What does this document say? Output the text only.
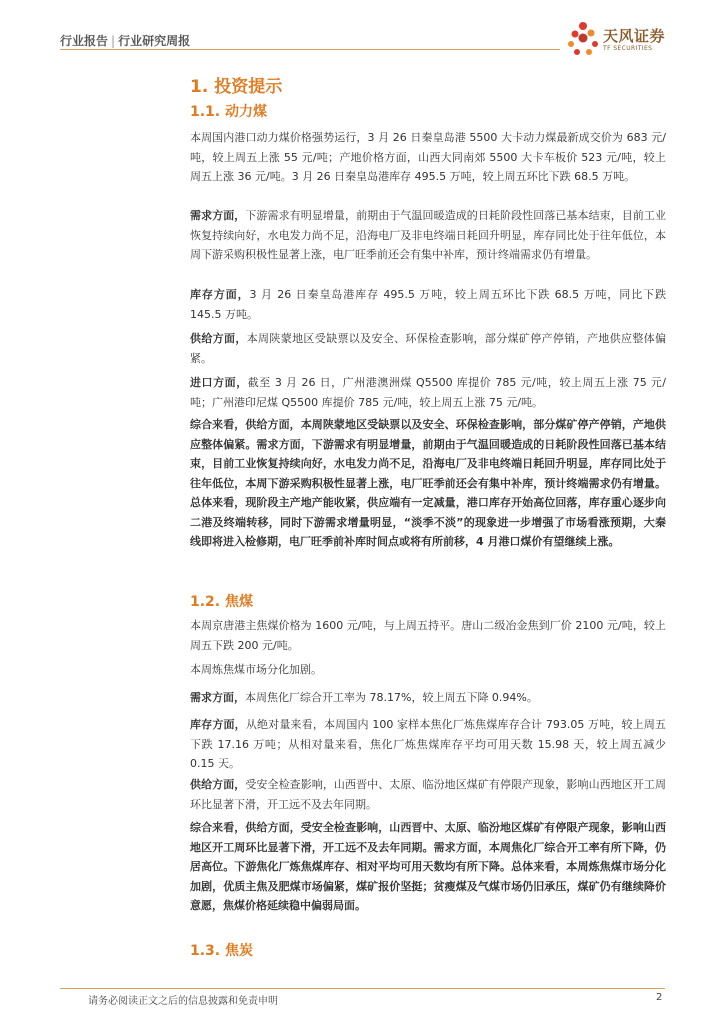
行业报告 | 行业研究周报	天风证券
TF SECURITIES
1. 投资提示
1.1. 动力煤

本周国内港口动力煤价格强势运行，3 月 26 日秦皇岛港 5500 大卡动力煤最新成交价为 683 元/吨，较上周五上涨 55 元/吨；产地价格方面，山西大同南郊 5500 大卡车板价 523 元/吨，较上周五上涨 36 元/吨。3 月 26 日秦皇岛港库存 495.5 万吨，较上周五环比下跌 68.5 万吨。

需求方面，下游需求有明显增量，前期由于气温回暖造成的日耗阶段性回落已基本结束，目前工业恢复持续向好，水电发力尚不足，沿海电厂及非电终端日耗回升明显，库存同比处于往年低位，本周下游采购积极性显著上涨，电厂旺季前还会有集中补库，预计终端需求仍有增量。

库存方面，3 月 26 日秦皇岛港库存 495.5 万吨，较上周五环比下跌 68.5 万吨，同比下跌 145.5 万吨。

供给方面，本周陕蒙地区受缺票以及安全、环保检查影响，部分煤矿停产停销，产地供应整体偏紧。

进口方面，截至 3 月 26 日，广州港澳洲煤 Q5500 库提价 785 元/吨，较上周五上涨 75 元/吨；广州港印尼煤 Q5500 库提价 785 元/吨，较上周五上涨 75 元/吨。

综合来看，供给方面，本周陕蒙地区受缺票以及安全、环保检查影响，部分煤矿停产停销，产地供应整体偏紧。需求方面，下游需求有明显增量，前期由于气温回暖造成的日耗阶段性回落已基本结束，目前工业恢复持续向好，水电发力尚不足，沿海电厂及非电终端日耗回升明显，库存同比处于往年低位，本周下游采购积极性显著上涨，电厂旺季前还会有集中补库，预计终端需求仍有增量。总体来看，现阶段主产地产能收紧，供应端有一定减量，港口库存开始高位回落，库存重心逐步向二港及终端转移，同时下游需求增量明显，“淡季不淡”的现象进一步增强了市场看涨预期，大秦线即将进入检修期，电厂旺季前补库时间点或将有所前移，4 月港口煤价有望继续上涨。

1.2. 焦煤

本周京唐港主焦煤价格为 1600 元/吨，与上周五持平。唐山二级冶金焦到厂价 2100 元/吨，较上周五下跌 200 元/吨。

本周炼焦煤市场分化加剧。

需求方面，本周焦化厂综合开工率为 78.17%，较上周五下降 0.94%。

库存方面，从绝对量来看，本周国内 100 家样本焦化厂炼焦煤库存合计 793.05 万吨，较上周五下跌 17.16 万吨；从相对量来看，焦化厂炼焦煤库存平均可用天数 15.98 天，较上周五减少 0.15 天。

供给方面，受安全检查影响，山西晋中、太原、临汾地区煤矿有停限产现象，影响山西地区开工周环比显著下滑，开工远不及去年同期。

综合来看，供给方面，受安全检查影响，山西晋中、太原、临汾地区煤矿有停限产现象，影响山西地区开工周环比显著下滑，开工远不及去年同期。需求方面，本周焦化厂综合开工率有所下降，仍居高位。下游焦化厂炼焦煤库存、相对平均可用天数均有所下降。总体来看，本周炼焦煤市场分化加剧，优质主焦及肥煤市场偏紧，煤矿报价坚挺；贫瘦煤及气煤市场仍旧承压，煤矿仍有继续降价意愿，焦煤价格延续稳中偏弱局面。

1.3. 焦炭
请务必阅读正文之后的信息披露和免责申明	2
